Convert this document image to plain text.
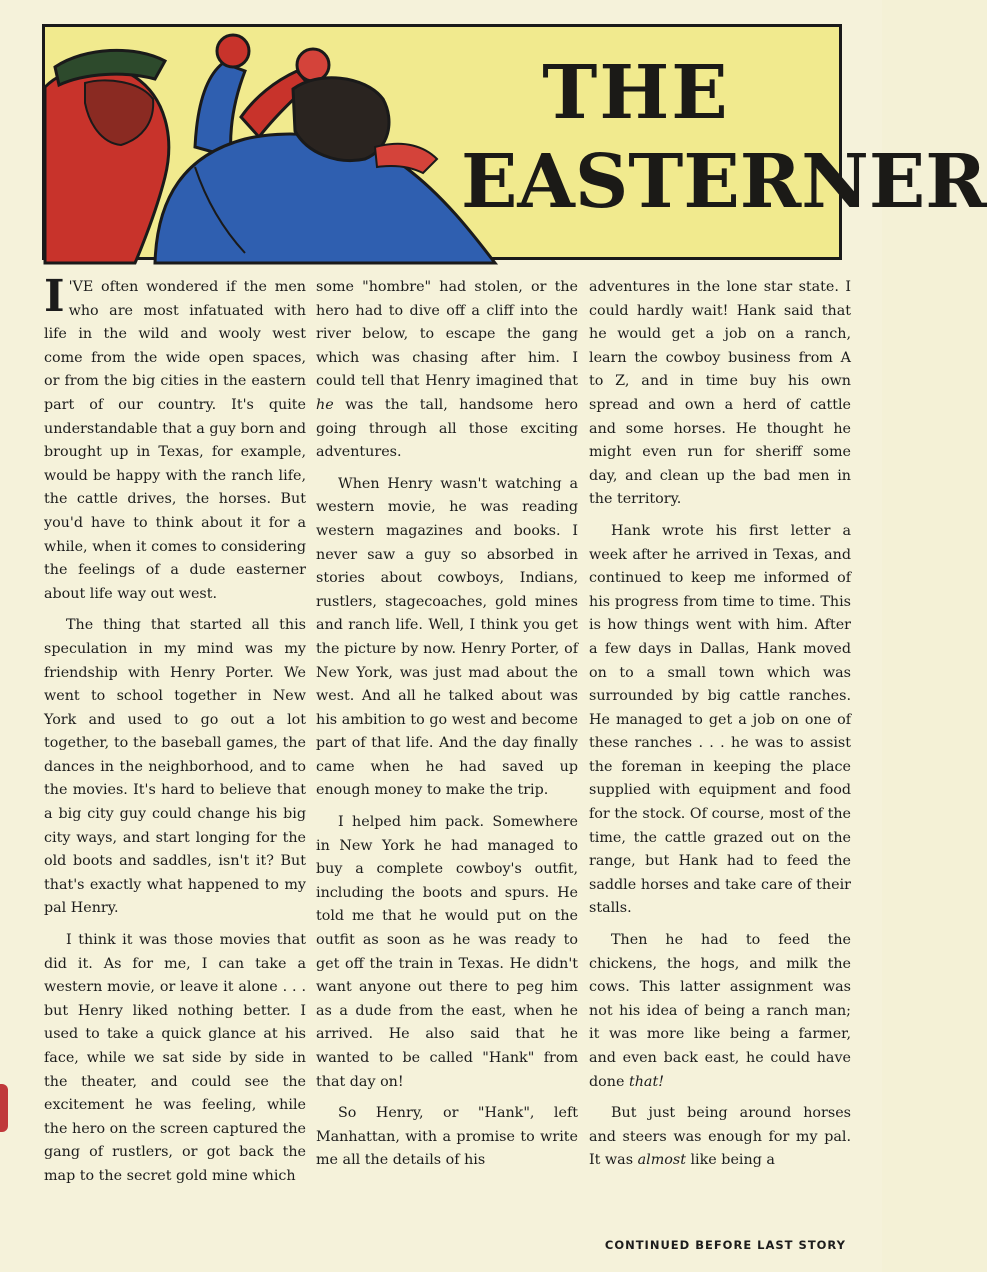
THE
EASTERNER

I 'VE often wondered if the men who are most infatuated with life in the wild and wooly west come from the wide open spaces, or from the big cities in the eastern part of our country. It's quite understandable that a guy born and brought up in Texas, for example, would be happy with the ranch life, the cattle drives, the horses. But you'd have to think about it for a while, when it comes to considering the feelings of a dude easterner about life way out west.

The thing that started all this speculation in my mind was my friendship with Henry Porter. We went to school together in New York and used to go out a lot together, to the baseball games, the dances in the neighborhood, and to the movies. It's hard to believe that a big city guy could change his big city ways, and start longing for the old boots and saddles, isn't it? But that's exactly what happened to my pal Henry.

I think it was those movies that did it. As for me, I can take a western movie, or leave it alone . . . but Henry liked nothing better. I used to take a quick glance at his face, while we sat side by side in the theater, and could see the excitement he was feeling, while the hero on the screen captured the gang of rustlers, or got back the map to the secret gold mine which

some "hombre" had stolen, or the hero had to dive off a cliff into the river below, to escape the gang which was chasing after him. I could tell that Henry imagined that he was the tall, handsome hero going through all those exciting adventures.

When Henry wasn't watching a western movie, he was reading western magazines and books. I never saw a guy so absorbed in stories about cowboys, Indians, rustlers, stagecoaches, gold mines and ranch life. Well, I think you get the picture by now. Henry Porter, of New York, was just mad about the west. And all he talked about was his ambition to go west and become part of that life. And the day finally came when he had saved up enough money to make the trip.

I helped him pack. Somewhere in New York he had managed to buy a complete cowboy's outfit, including the boots and spurs. He told me that he would put on the outfit as soon as he was ready to get off the train in Texas. He didn't want anyone out there to peg him as a dude from the east, when he arrived. He also said that he wanted to be called "Hank" from that day on!

So Henry, or "Hank", left Manhattan, with a promise to write me all the details of his

adventures in the lone star state. I could hardly wait! Hank said that he would get a job on a ranch, learn the cowboy business from A to Z, and in time buy his own spread and own a herd of cattle and some horses. He thought he might even run for sheriff some day, and clean up the bad men in the territory.

Hank wrote his first letter a week after he arrived in Texas, and continued to keep me informed of his progress from time to time. This is how things went with him. After a few days in Dallas, Hank moved on to a small town which was surrounded by big cattle ranches. He managed to get a job on one of these ranches . . . he was to assist the foreman in keeping the place supplied with equipment and food for the stock. Of course, most of the time, the cattle grazed out on the range, but Hank had to feed the saddle horses and take care of their stalls.

Then he had to feed the chickens, the hogs, and milk the cows. This latter assignment was not his idea of being a ranch man; it was more like being a farmer, and even back east, he could have done that!

But just being around horses and steers was enough for my pal. It was almost like being a

CONTINUED BEFORE LAST STORY
